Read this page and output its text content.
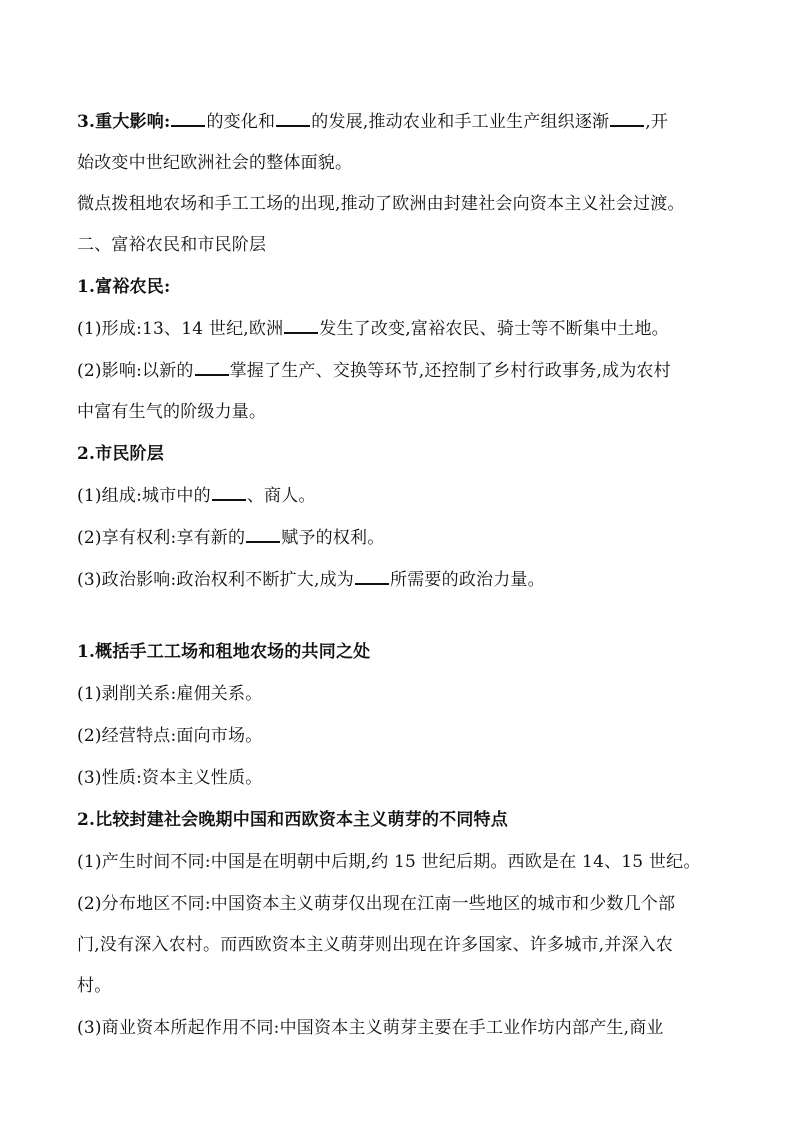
3.重大影响: 的变化和 的发展,推动农业和手工业生产组织逐渐 ,开
始改变中世纪欧洲社会的整体面貌。
微点拨租地农场和手工工场的出现,推动了欧洲由封建社会向资本主义社会过渡。
二、富裕农民和市民阶层
1.富裕农民:
(1)形成:13、14 世纪,欧洲 发生了改变,富裕农民、骑士等不断集中土地。
(2)影响:以新的 掌握了生产、交换等环节,还控制了乡村行政事务,成为农村
中富有生气的阶级力量。
2.市民阶层
(1)组成:城市中的 、商人。
(2)享有权利:享有新的 赋予的权利。
(3)政治影响:政治权利不断扩大,成为 所需要的政治力量。
1.概括手工工场和租地农场的共同之处
(1)剥削关系:雇佣关系。
(2)经营特点:面向市场。
(3)性质:资本主义性质。
2.比较封建社会晚期中国和西欧资本主义萌芽的不同特点
(1)产生时间不同:中国是在明朝中后期,约 15 世纪后期。西欧是在 14、15 世纪。
(2)分布地区不同:中国资本主义萌芽仅出现在江南一些地区的城市和少数几个部
门,没有深入农村。而西欧资本主义萌芽则出现在许多国家、许多城市,并深入农
村。
(3)商业资本所起作用不同:中国资本主义萌芽主要在手工业作坊内部产生,商业
